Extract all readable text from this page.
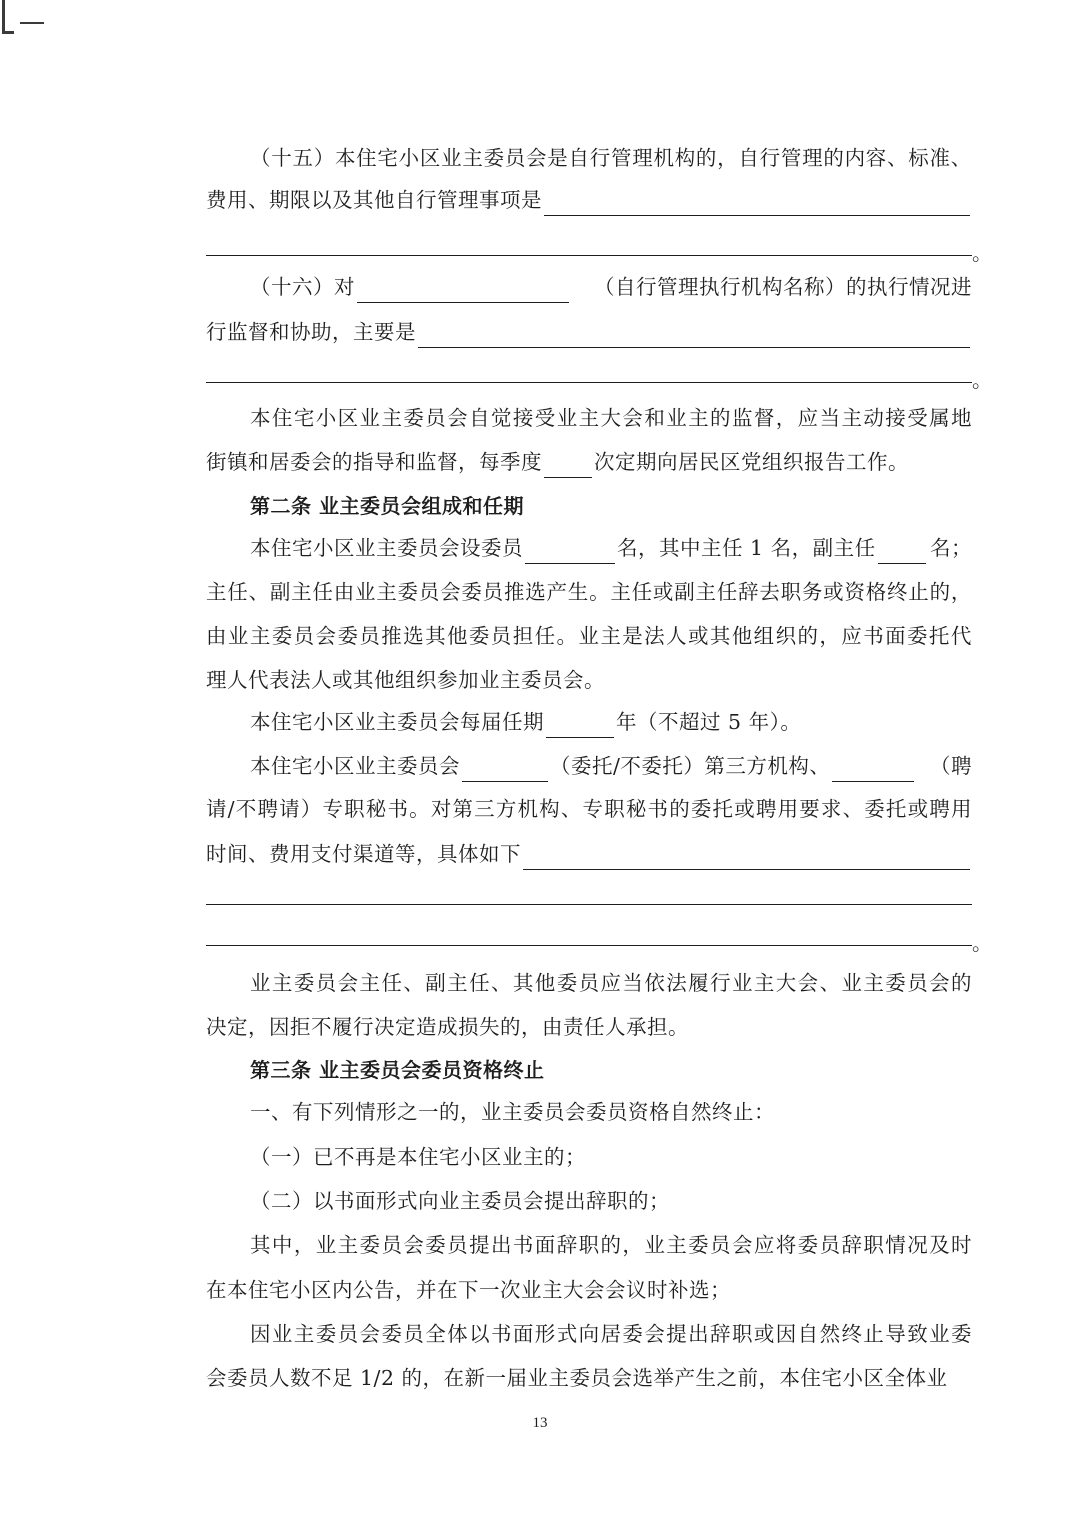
（ 十 五 ） 本 住 宅 小 区 业 主 委 员 会 是 自 行 管 理 机 构 的 ， 自 行 管 理 的 内 容 、 标 准 、
费用、期限以及其他自行管理事项是
。
（十六）对	（自行管理执行机构名称）的执行情况进
行监督和协助，主要是
。
本 住 宅 小 区 业 主 委 员 会 自 觉 接 受 业 主 大 会 和 业 主 的 监 督 ， 应 当 主 动 接 受 属 地
街镇和居委会的指导和监督，每季度	次定期向居民区党组织报告工作。
第二条 业主委员会组成和任期
本住宅小区业主委员会设委员	名，其中主任 1 名，副主任	名；
主 任 、 副 主 任 由 业 主 委 员 会 委 员 推 选 产 生 。 主 任 或 副 主 任 辞 去 职 务 或 资 格 终 止 的 ，
由 业 主 委 员 会 委 员 推 选 其 他 委 员 担 任 。 业 主 是 法 人 或 其 他 组 织 的 ， 应 书 面 委 托 代
理人代表法人或其他组织参加业主委员会。
本住宅小区业主委员会每届任期	年（不超过 5 年）。
本住宅小区业主委员会	（委托/不委托）第三方机构、	（聘
请 / 不 聘 请 ） 专 职 秘 书 。 对 第 三 方 机 构 、 专 职 秘 书 的 委 托 或 聘 用 要 求 、 委 托 或 聘 用
时间、费用支付渠道等，具体如下
。
业 主 委 员 会 主 任 、 副 主 任 、 其 他 委 员 应 当 依 法 履 行 业 主 大 会 、 业 主 委 员 会 的
决定，因拒不履行决定造成损失的，由责任人承担。
第三条 业主委员会委员资格终止
一、有下列情形之一的，业主委员会委员资格自然终止：
（一）已不再是本住宅小区业主的；
（二）以书面形式向业主委员会提出辞职的；
其 中 ， 业 主 委 员 会 委 员 提 出 书 面 辞 职 的 ， 业 主 委 员 会 应 将 委 员 辞 职 情 况 及 时
在本住宅小区内公告，并在下一次业主大会会议时补选；
因 业 主 委 员 会 委 员 全 体 以 书 面 形 式 向 居 委 会 提 出 辞 职 或 因 自 然 终 止 导 致 业 委
会委员人数不足 1/2 的，在新一届业主委员会选举产生之前，本住宅小区全体业
13
